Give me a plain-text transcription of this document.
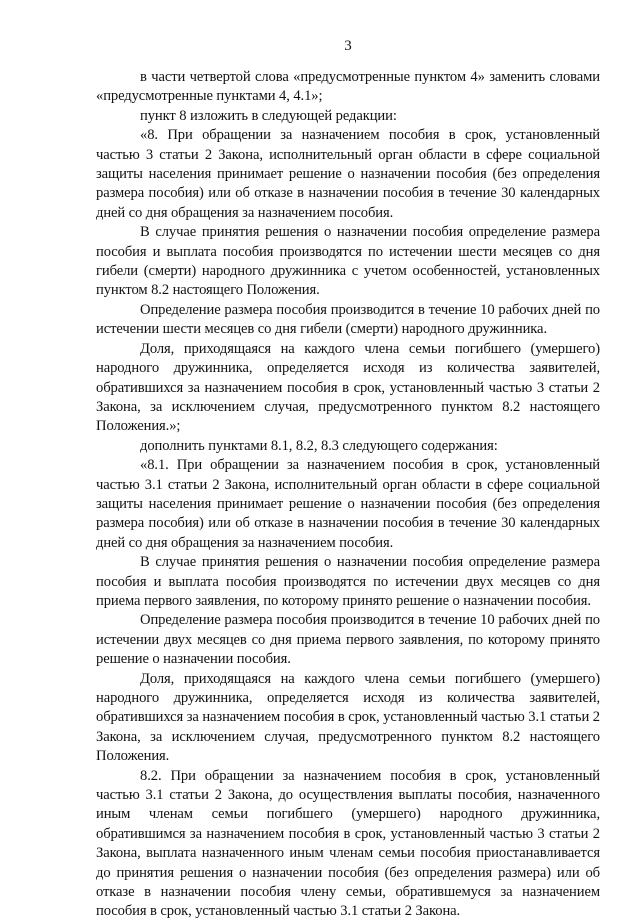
3

в части четвертой слова «предусмотренные пунктом 4» заменить словами «предусмотренные пунктами 4, 4.1»;

пункт 8 изложить в следующей редакции:

«8. При обращении за назначением пособия в срок, установленный частью 3 статьи 2 Закона, исполнительный орган области в сфере социальной защиты населения принимает решение о назначении пособия (без определения размера пособия) или об отказе в назначении пособия в течение 30 календарных дней со дня обращения за назначением пособия.

В случае принятия решения о назначении пособия определение размера пособия и выплата пособия производятся по истечении шести месяцев со дня гибели (смерти) народного дружинника с учетом особенностей, установленных пунктом 8.2 настоящего Положения.

Определение размера пособия производится в течение 10 рабочих дней по истечении шести месяцев со дня гибели (смерти) народного дружинника.

Доля, приходящаяся на каждого члена семьи погибшего (умершего) народного дружинника, определяется исходя из количества заявителей, обратившихся за назначением пособия в срок, установленный частью 3 статьи 2 Закона, за исключением случая, предусмотренного пунктом 8.2 настоящего Положения.»;

дополнить пунктами 8.1, 8.2, 8.3 следующего содержания:

«8.1. При обращении за назначением пособия в срок, установленный частью 3.1 статьи 2 Закона, исполнительный орган области в сфере социальной защиты населения принимает решение о назначении пособия (без определения размера пособия) или об отказе в назначении пособия в течение 30 календарных дней со дня обращения за назначением пособия.

В случае принятия решения о назначении пособия определение размера пособия и выплата пособия производятся по истечении двух месяцев со дня приема первого заявления, по которому принято решение о назначении пособия.

Определение размера пособия производится в течение 10 рабочих дней по истечении двух месяцев со дня приема первого заявления, по которому принято решение о назначении пособия.

Доля, приходящаяся на каждого члена семьи погибшего (умершего) народного дружинника, определяется исходя из количества заявителей, обратившихся за назначением пособия в срок, установленный частью 3.1 статьи 2 Закона, за исключением случая, предусмотренного пунктом 8.2 настоящего Положения.

8.2. При обращении за назначением пособия в срок, установленный частью 3.1 статьи 2 Закона, до осуществления выплаты пособия, назначенного иным членам семьи погибшего (умершего) народного дружинника, обратившимся за назначением пособия в срок, установленный частью 3 статьи 2 Закона, выплата назначенного иным членам семьи пособия приостанавливается до принятия решения о назначении пособия (без определения размера) или об отказе в назначении пособия члену семьи, обратившемуся за назначением пособия в срок, установленный частью 3.1 статьи 2 Закона.
